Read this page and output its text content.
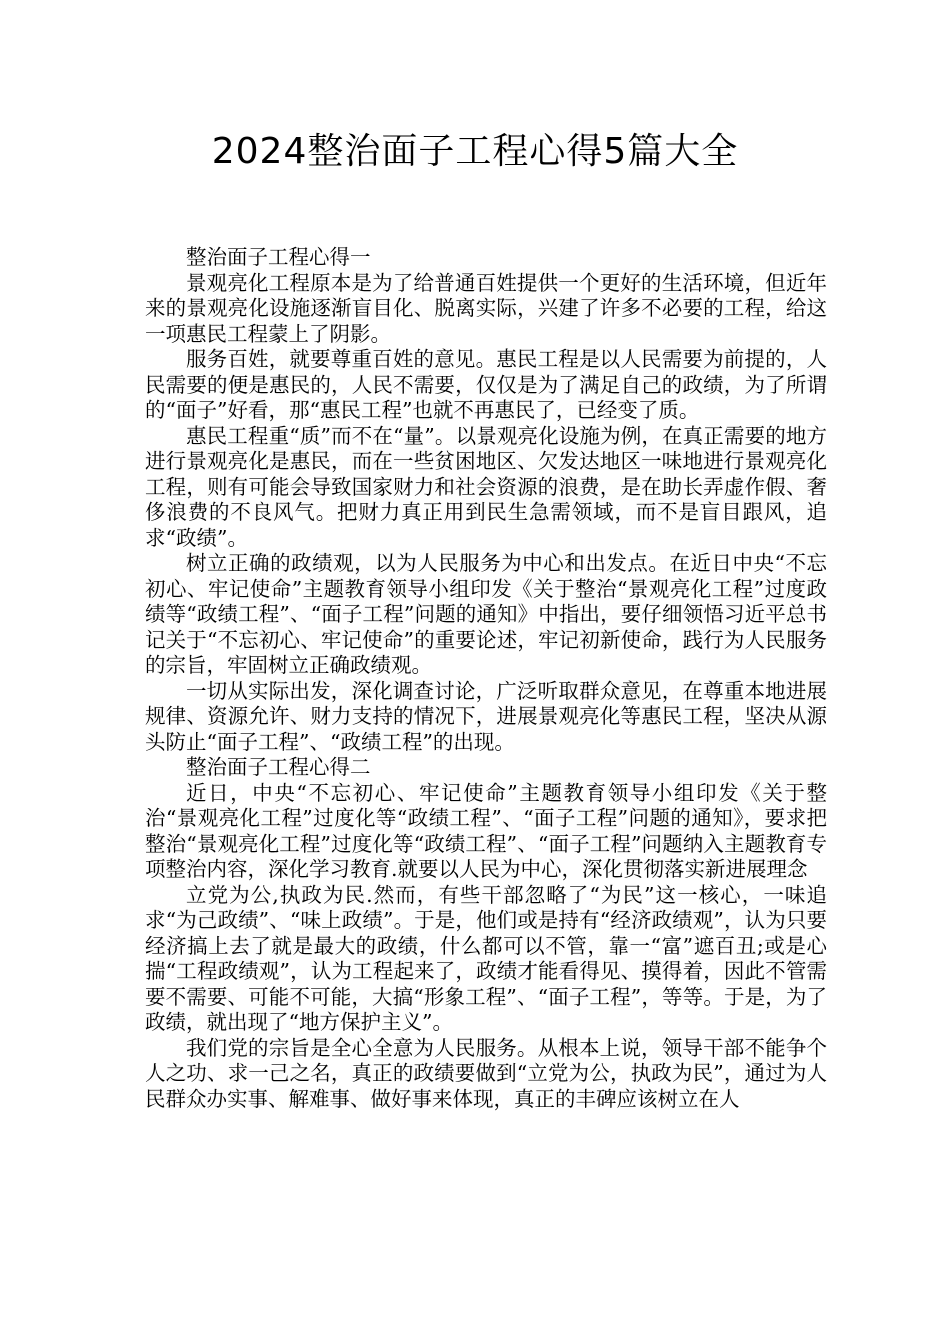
2024整治面子工程心得5篇大全

整治面子工程心得一

景观亮化工程原本是为了给普通百姓提供一个更好的生活环境，但近年来的景观亮化设施逐渐盲目化、脱离实际，兴建了许多不必要的工程，给这一项惠民工程蒙上了阴影。

服务百姓，就要尊重百姓的意见。惠民工程是以人民需要为前提的，人民需要的便是惠民的，人民不需要，仅仅是为了满足自己的政绩，为了所谓的“面子”好看，那“惠民工程”也就不再惠民了，已经变了质。

惠民工程重“质”而不在“量”。以景观亮化设施为例，在真正需要的地方进行景观亮化是惠民，而在一些贫困地区、欠发达地区一味地进行景观亮化工程，则有可能会导致国家财力和社会资源的浪费，是在助长弄虚作假、奢侈浪费的不良风气。把财力真正用到民生急需领域，而不是盲目跟风，追求“政绩”。

树立正确的政绩观，以为人民服务为中心和出发点。在近日中央“不忘初心、牢记使命”主题教育领导小组印发《关于整治“景观亮化工程”过度政绩等“政绩工程”、“面子工程”问题的通知》中指出，要仔细领悟习近平总书记关于“不忘初心、牢记使命”的重要论述，牢记初新使命，践行为人民服务的宗旨，牢固树立正确政绩观。

一切从实际出发，深化调查讨论，广泛听取群众意见，在尊重本地进展规律、资源允许、财力支持的情况下，进展景观亮化等惠民工程，坚决从源头防止“面子工程”、“政绩工程”的出现。

整治面子工程心得二

近日，中央“不忘初心、牢记使命”主题教育领导小组印发《关于整治“景观亮化工程”过度化等“政绩工程”、“面子工程”问题的通知》，要求把整治“景观亮化工程”过度化等“政绩工程”、“面子工程”问题纳入主题教育专项整治内容，深化学习教育.就要以人民为中心，深化贯彻落实新进展理念

立党为公,执政为民.然而，有些干部忽略了“为民”这一核心，一味追求“为己政绩”、“味上政绩”。于是，他们或是持有“经济政绩观”，认为只要经济搞上去了就是最大的政绩，什么都可以不管，靠一“富”遮百丑;或是心揣“工程政绩观”，认为工程起来了，政绩才能看得见、摸得着，因此不管需要不需要、可能不可能，大搞“形象工程”、“面子工程”，等等。于是，为了政绩，就出现了“地方保护主义”。

我们党的宗旨是全心全意为人民服务。从根本上说，领导干部不能争个人之功、求一己之名，真正的政绩要做到“立党为公，执政为民”，通过为人民群众办实事、解难事、做好事来体现，真正的丰碑应该树立在人
